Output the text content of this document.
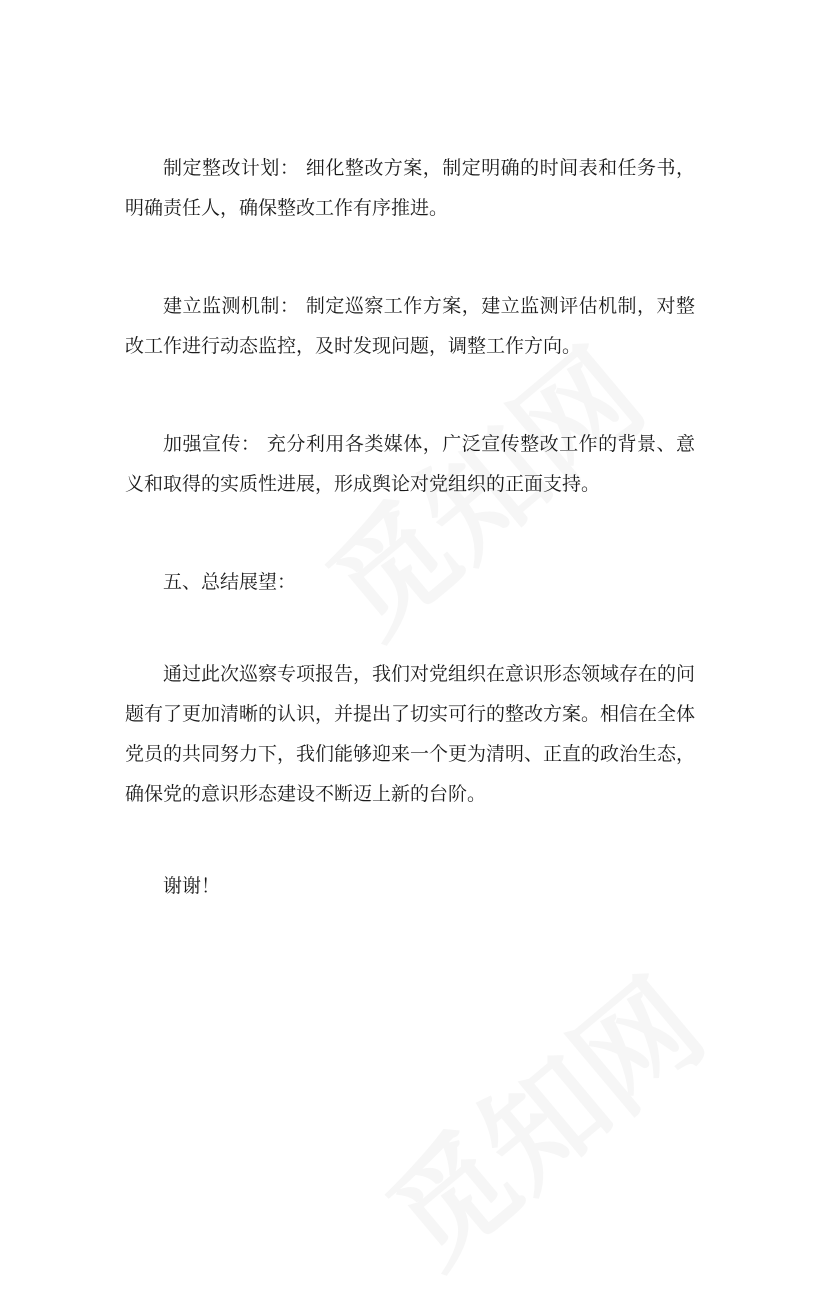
制定整改计划： 细化整改方案，制定明确的时间表和任务书，明确责任人，确保整改工作有序推进。

建立监测机制： 制定巡察工作方案，建立监测评估机制，对整改工作进行动态监控，及时发现问题，调整工作方向。

加强宣传： 充分利用各类媒体，广泛宣传整改工作的背景、意义和取得的实质性进展，形成舆论对党组织的正面支持。

五、总结展望：

通过此次巡察专项报告，我们对党组织在意识形态领域存在的问题有了更加清晰的认识，并提出了切实可行的整改方案。相信在全体党员的共同努力下，我们能够迎来一个更为清明、正直的政治生态，确保党的意识形态建设不断迈上新的台阶。

谢谢！
